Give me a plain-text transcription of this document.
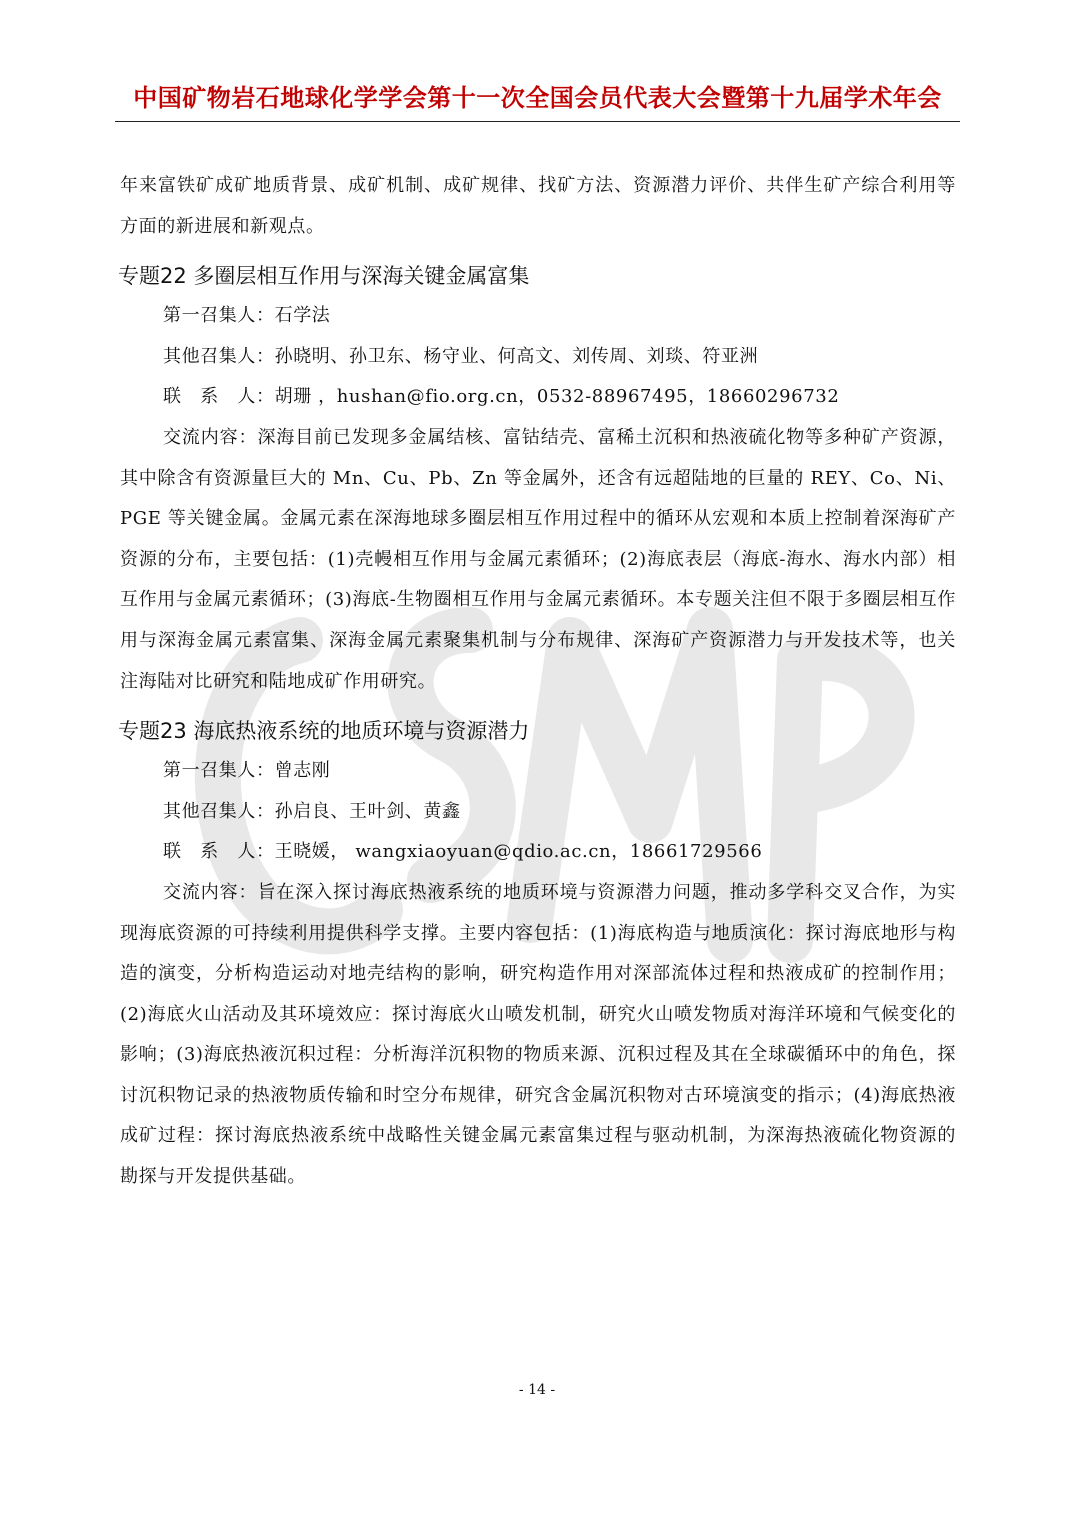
中国矿物岩石地球化学学会第十一次全国会员代表大会暨第十九届学术年会

年来富铁矿成矿地质背景、成矿机制、成矿规律、找矿方法、资源潜力评价、共伴生矿产综合利用等方面的新进展和新观点。

专题22 多圈层相互作用与深海关键金属富集
第一召集人：石学法
其他召集人：孙晓明、孙卫东、杨守业、何高文、刘传周、刘琰、符亚洲
联　系　人：胡珊 ，hushan@fio.org.cn，0532-88967495，18660296732

交流内容：深海目前已发现多金属结核、富钴结壳、富稀土沉积和热液硫化物等多种矿产资源，其中除含有资源量巨大的 Mn、Cu、Pb、Zn 等金属外，还含有远超陆地的巨量的 REY、Co、Ni、PGE 等关键金属。金属元素在深海地球多圈层相互作用过程中的循环从宏观和本质上控制着深海矿产资源的分布，主要包括：(1)壳幔相互作用与金属元素循环；(2)海底表层（海底-海水、海水内部）相互作用与金属元素循环；(3)海底-生物圈相互作用与金属元素循环。本专题关注但不限于多圈层相互作用与深海金属元素富集、深海金属元素聚集机制与分布规律、深海矿产资源潜力与开发技术等，也关注海陆对比研究和陆地成矿作用研究。

专题23 海底热液系统的地质环境与资源潜力
第一召集人：曾志刚
其他召集人：孙启良、王叶剑、黄鑫
联　系　人：王晓媛， wangxiaoyuan@qdio.ac.cn，18661729566

交流内容：旨在深入探讨海底热液系统的地质环境与资源潜力问题，推动多学科交叉合作，为实现海底资源的可持续利用提供科学支撑。主要内容包括：(1)海底构造与地质演化：探讨海底地形与构造的演变，分析构造运动对地壳结构的影响，研究构造作用对深部流体过程和热液成矿的控制作用；(2)海底火山活动及其环境效应：探讨海底火山喷发机制，研究火山喷发物质对海洋环境和气候变化的影响；(3)海底热液沉积过程：分析海洋沉积物的物质来源、沉积过程及其在全球碳循环中的角色，探讨沉积物记录的热液物质传输和时空分布规律，研究含金属沉积物对古环境演变的指示；(4)海底热液成矿过程：探讨海底热液系统中战略性关键金属元素富集过程与驱动机制，为深海热液硫化物资源的勘探与开发提供基础。

- 14 -
